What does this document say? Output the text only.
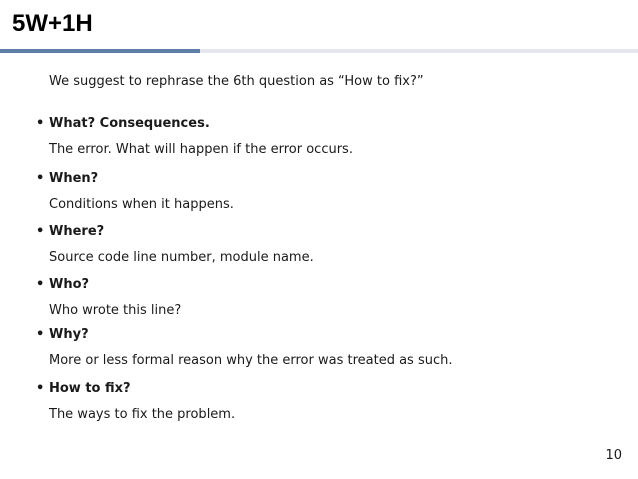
5W+1H
We suggest to rephrase the 6th question as “How to fix?”
• What? Consequences.
The error. What will happen if the error occurs.
• When?
Conditions when it happens.
• Where?
Source code line number, module name.
• Who?
Who wrote this line?
• Why?
More or less formal reason why the error was treated as such.
• How to fix?
The ways to fix the problem.
10
